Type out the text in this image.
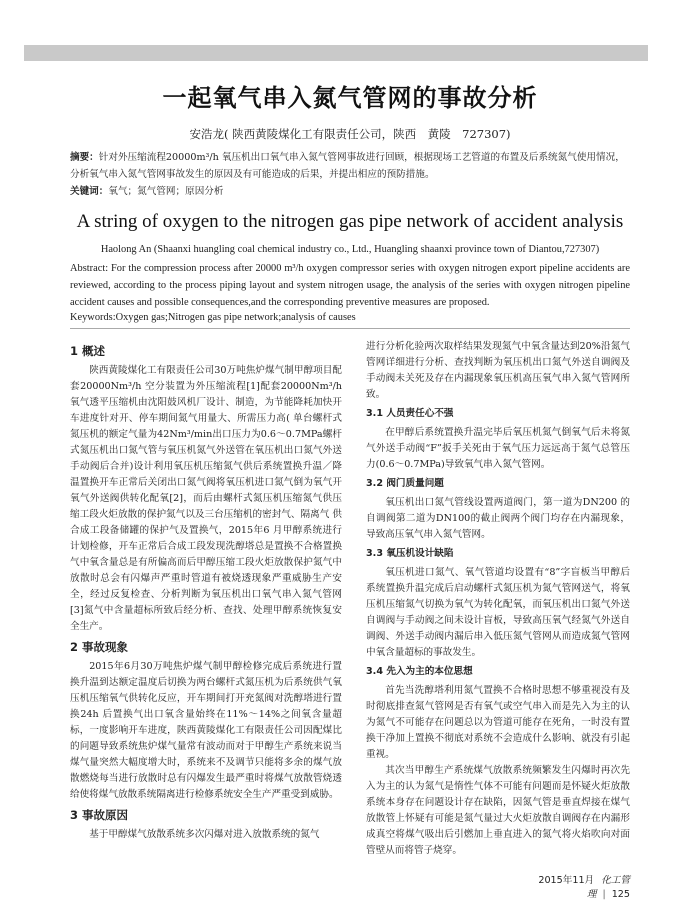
一起氧气串入氮气管网的事故分析
安浩龙( 陕西黄陵煤化工有限责任公司，陕西　黄陵　727307)
摘要：针对外压缩流程20000m³/h 氧压机出口氧气串入氮气管网事故进行回顾，根据现场工艺管道的布置及后系统氮气使用情况，分析氧气串入氮气管网事故发生的原因及有可能造成的后果，并提出相应的预防措施。
关键词：氧气；氮气管网；原因分析
A string of oxygen to the nitrogen gas pipe network of accident analysis
Haolong An (Shaanxi huangling coal chemical industry co., Ltd., Huangling shaanxi province town of Diantou,727307)
Abstract: For the compression process after 20000 m³/h oxygen compressor series with oxygen nitrogen export pipeline accidents are reviewed, according to the process piping layout and system nitrogen usage, the analysis of the series with oxygen nitrogen pipeline accident causes and possible consequences,and the corresponding preventive measures are proposed.
Keywords:Oxygen gas;Nitrogen gas pipe network;analysis of causes
1 概述

陕西黄陵煤化工有限责任公司30万吨焦炉煤气制甲醇项目配套20000Nm³/h 空分装置为外压缩流程[1]配套20000Nm³/h 氧气透平压缩机由沈阳鼓风机厂设计、制造，为节能降耗加快开车进度针对开、停车期间氮气用量大、所需压力高( 单台螺杆式氮压机的额定气量为42Nm³/min出口压力为0.6～0.7MPa螺杆式氮压机出口氮气管与氧压机氮气外送管在氧压机出口氮气外送手动阀后合并)设计利用氧压机压缩氮气供后系统置换升温／降温置换开车正常后关闭出口氮气阀将氧压机进口氮气倒为氧气开氧气外送阀供转化配氧[2]，而后由螺杆式氮压机压缩氮气供压缩工段火炬放散的保护氮气以及三台压缩机的密封气、隔离气 供合成工段备储罐的保护气及置换气，2015年6 月甲醇系统进行计划检修，开车正常后合成工段发现洗醇塔总是置换不合格置换气中氧含量总是有所偏高而后甲醇压缩工段火炬放散保护氮气中放散时总会有闪爆声严重时管道有被烧透现象严重威胁生产安全，经过反复检查、分析判断为氧压机出口氧气串入氮气管网[3]氮气中含量超标所致后经分析、查找、处理甲醇系统恢复安全生产。

2 事故现象

2015年6月30万吨焦炉煤气制甲醇检修完成后系统进行置换升温到达额定温度后切换为两台螺杆式氮压机为后系统供气氧压机压缩氧气供转化反应，开车期间打开充氮阀对洗醇塔进行置换24h 后置换气出口氧含量始终在11%～14%之间氧含量超标，一度影响开车进度，陕西黄陵煤化工有限责任公司因配煤比的问题导致系统焦炉煤气量常有波动而对于甲醇生产系统来说当煤气量突然大幅度增大时，系统来不及调节只能将多余的煤气放散燃烧每当进行放散时总有闪爆发生最严重时将煤气放散管烧透给使将煤气放散系统隔离进行检修系统安全生产严重受到威胁。

3 事故原因

基于甲醇煤气放散系统多次闪爆对进入放散系统的氮气

进行分析化验两次取样结果发现氮气中氧含量达到20%沿氮气管网详细进行分析、查找判断为氧压机出口氮气外送自调阀及手动阀未关死及存在内漏现象氧压机高压氧气串入氮气管网所致。

3.1 人员责任心不强

在甲醇后系统置换升温完毕后氧压机氮气倒氧气后未将氮气外送手动阀“F”扳手关死由于氧气压力远远高于氮气总管压力(0.6～0.7MPa)导致氧气串入氮气管网。

3.2 阀门质量问题

氧压机出口氮气管线设置两道阀门，第一道为DN200 的自调阀第二道为DN100的截止阀两个阀门均存在内漏现象，导致高压氧气串入氮气管网。

3.3 氧压机设计缺陷

氧压机进口氮气、氧气管道均设置有“8”字盲板当甲醇后系统置换升温完成后启动螺杆式氮压机为氮气管网送气，将氧压机压缩氮气切换为氧气为转化配氧，而氧压机出口氮气外送自调阀与手动阀之间未设计盲板，导致高压氧气经氮气外送自调阀、外送手动阀内漏后串入低压氮气管网从而造成氮气管网中氧含量超标的事故发生。

3.4 先入为主的本位思想

首先当洗醇塔利用氮气置换不合格时思想不够重视没有及时彻底排查氮气管网是否有氧气或空气串入而是先入为主的认为氮气不可能存在问题总以为管道可能存在死角，一时没有置换干净加上置换不彻底对系统不会造成什么影响、就没有引起重视。

其次当甲醇生产系统煤气放散系统频繁发生闪爆时再次先入为主的认为氮气是惰性气体不可能有问题而是怀疑火炬放散系统本身存在问题设计存在缺陷，因氮气管是垂直焊接在煤气放散管上怀疑有可能是氮气量过大火炬放散自调阀存在内漏形成真空将煤气吸出后引燃加上垂直进入的氮气将火焰吹向对面管壁从而将管子烧穿。

2015年11月 化工管理 | 125
